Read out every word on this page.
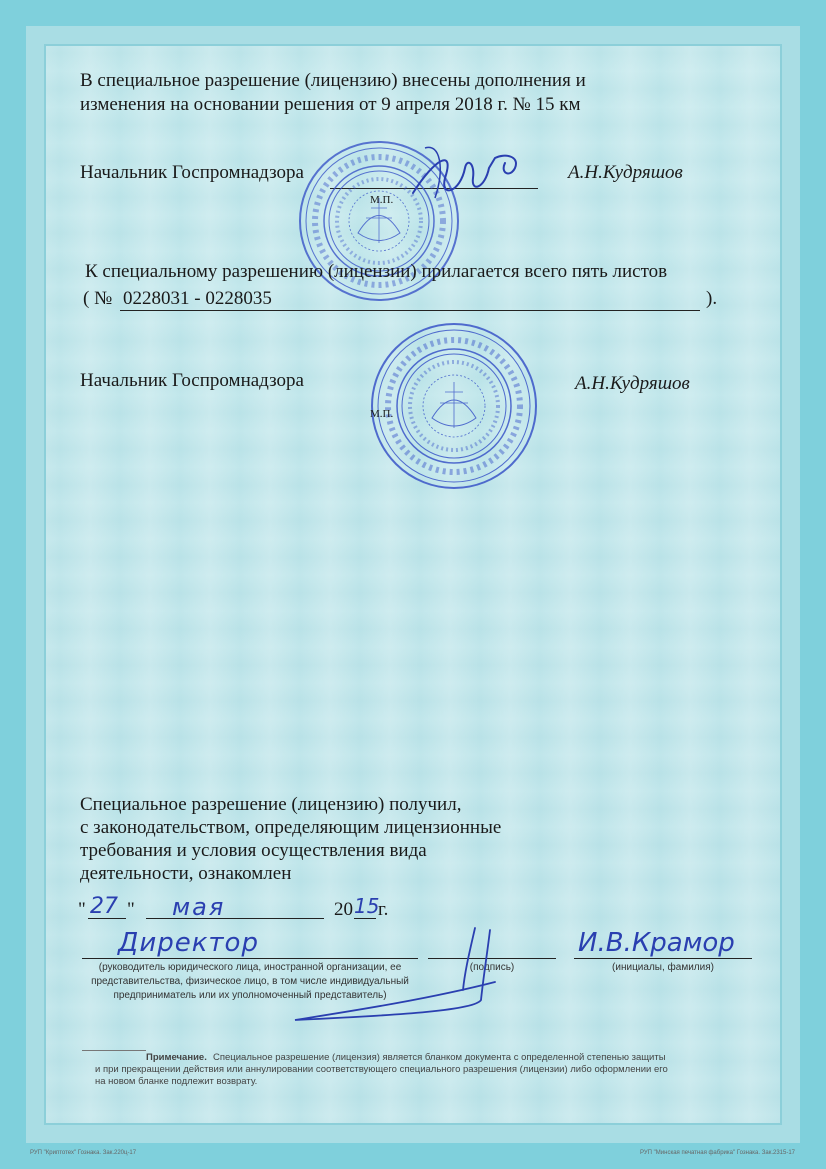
В специальное разрешение (лицензию) внесены дополнения и
изменения на основании решения от 9 апреля 2018 г. № 15 км
Начальник Госпромнадзора	А.Н.Кудряшов
М.П.
К специальному разрешению (лицензии) прилагается всего пять листов
( № 0228031 - 0228035	).
Начальник Госпромнадзора	А.Н.Кудряшов
М.П.
Специальное разрешение (лицензию) получил,
с законодательством, определяющим лицензионные
требования и условия осуществления вида
деятельности, ознакомлен
" 27 " мая	20 15
г.
Директор	И.В.Крамор
(руководитель юридического лица, иностранной организации, ее
представительства, физическое лицо, в том числе индивидуальный
предприниматель или их уполномоченный представитель)
(подпись)	(инициалы, фамилия)
Примечание. Специальное разрешение (лицензия) является бланком документа с определенной степенью защиты
и при прекращении действия или аннулировании соответствующего специального разрешения (лицензии) либо оформлении его
на новом бланке подлежит возврату.
РУП "Криптотех" Гознака. Зак.220ц-17	РУП "Минская печатная фабрика" Гознака. Зак.2315-17
